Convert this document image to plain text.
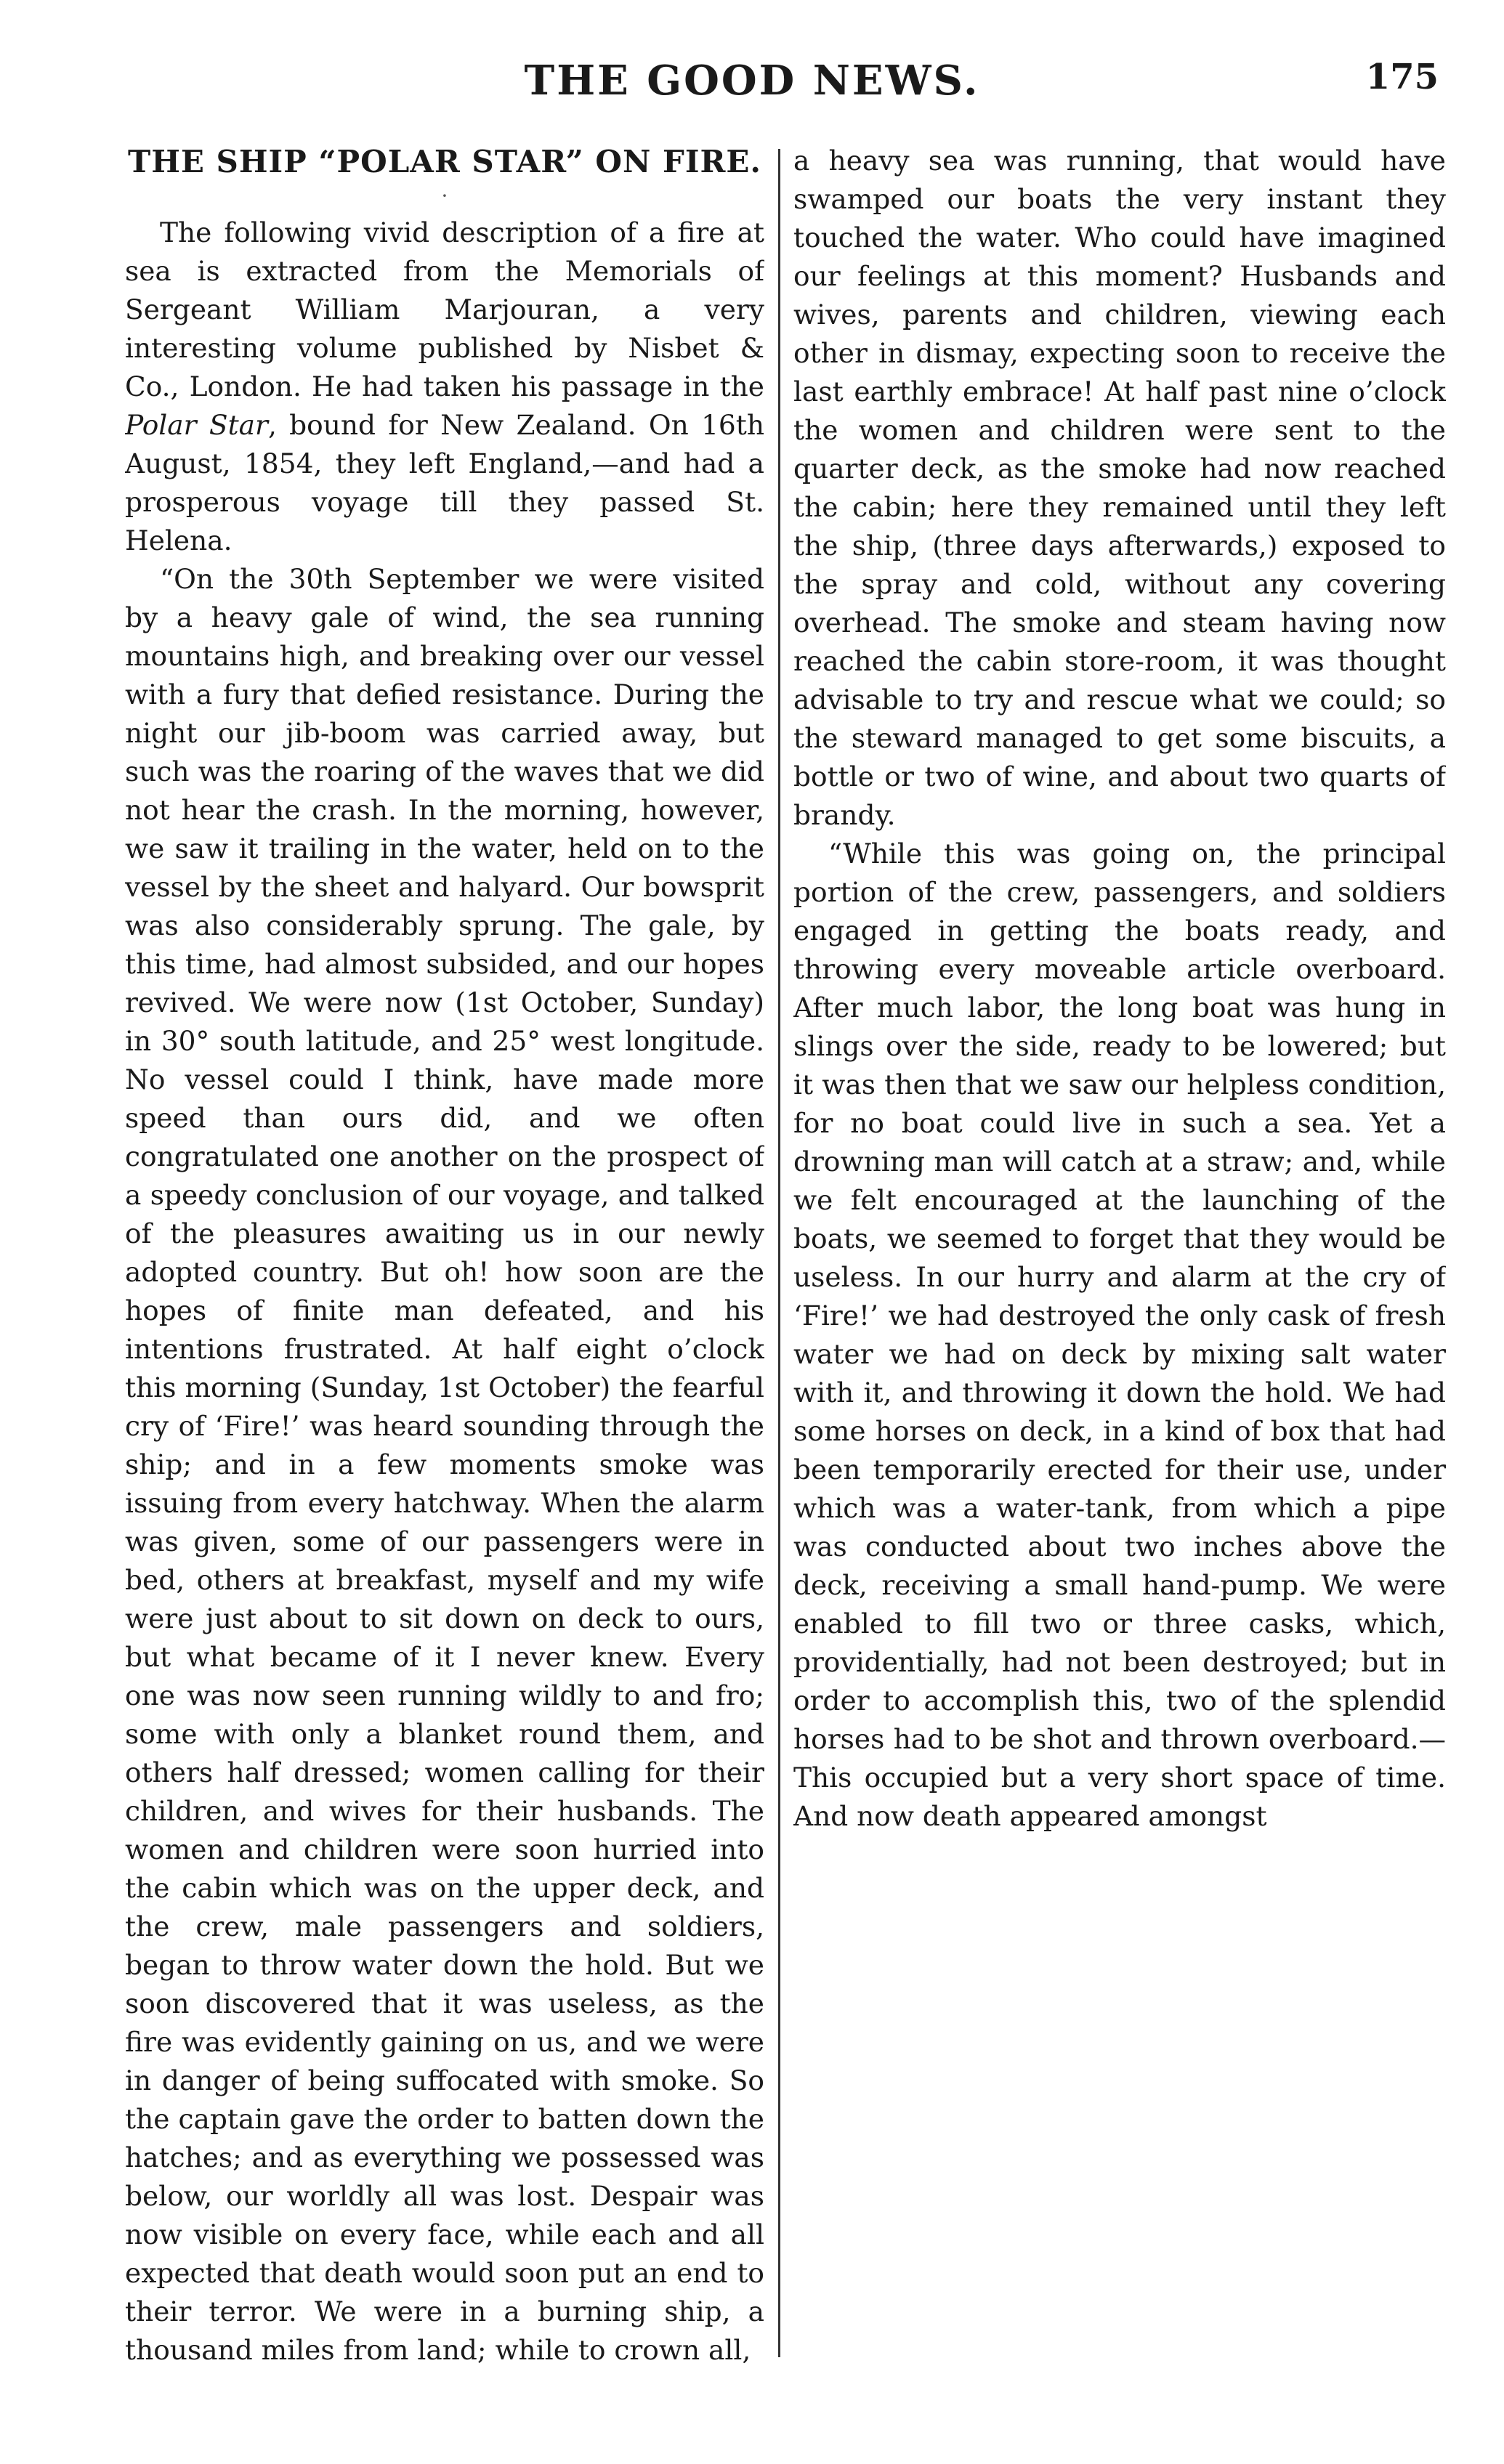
THE GOOD NEWS.	175
THE SHIP “POLAR STAR” ON FIRE.
·

The following vivid description of a fire at sea is extracted from the Memorials of Sergeant William Marjouran, a very interesting volume published by Nisbet & Co., London. He had taken his passage in the Polar Star, bound for New Zealand. On 16th August, 1854, they left England,—and had a prosperous voyage till they passed St. Helena.

“On the 30th September we were visited by a heavy gale of wind, the sea running mountains high, and breaking over our vessel with a fury that defied resistance. During the night our jib-boom was carried away, but such was the roaring of the waves that we did not hear the crash. In the morning, however, we saw it trailing in the water, held on to the vessel by the sheet and halyard. Our bowsprit was also considerably sprung. The gale, by this time, had almost subsided, and our hopes revived. We were now (1st October, Sunday) in 30° south latitude, and 25° west longitude. No vessel could I think, have made more speed than ours did, and we often congratulated one another on the prospect of a speedy conclusion of our voyage, and talked of the pleasures awaiting us in our newly adopted country. But oh! how soon are the hopes of finite man defeated, and his intentions frustrated. At half eight o’clock this morning (Sunday, 1st October) the fearful cry of ‘Fire!’ was heard sounding through the ship; and in a few moments smoke was issuing from every hatchway. When the alarm was given, some of our passengers were in bed, others at breakfast, myself and my wife were just about to sit down on deck to ours, but what became of it I never knew. Every one was now seen running wildly to and fro; some with only a blanket round them, and others half dressed; women calling for their children, and wives for their husbands. The women and children were soon hurried into the cabin which was on the upper deck, and the crew, male passengers and soldiers, began to throw water down the hold. But we soon discovered that it was useless, as the fire was evidently gaining on us, and we were in danger of being suffocated with smoke. So the captain gave the order to batten down the hatches; and as everything we possessed was below, our worldly all was lost. Despair was now visible on every face, while each and all expected that death would soon put an end to their terror. We were in a burning ship, a thousand miles from land; while to crown all,

a heavy sea was running, that would have swamped our boats the very instant they touched the water. Who could have imagined our feelings at this moment? Husbands and wives, parents and children, viewing each other in dismay, expecting soon to receive the last earthly embrace! At half past nine o’clock the women and children were sent to the quarter deck, as the smoke had now reached the cabin; here they remained until they left the ship, (three days afterwards,) exposed to the spray and cold, without any covering overhead. The smoke and steam having now reached the cabin store-room, it was thought advisable to try and rescue what we could; so the steward managed to get some biscuits, a bottle or two of wine, and about two quarts of brandy.

“While this was going on, the principal portion of the crew, passengers, and soldiers engaged in getting the boats ready, and throwing every moveable article overboard. After much labor, the long boat was hung in slings over the side, ready to be lowered; but it was then that we saw our helpless condition, for no boat could live in such a sea. Yet a drowning man will catch at a straw; and, while we felt encouraged at the launching of the boats, we seemed to forget that they would be useless. In our hurry and alarm at the cry of ‘Fire!’ we had destroyed the only cask of fresh water we had on deck by mixing salt water with it, and throwing it down the hold. We had some horses on deck, in a kind of box that had been temporarily erected for their use, under which was a water-tank, from which a pipe was conducted about two inches above the deck, receiving a small hand-pump. We were enabled to fill two or three casks, which, providentially, had not been destroyed; but in order to accomplish this, two of the splendid horses had to be shot and thrown overboard.—This occupied but a very short space of time. And now death appeared amongst
